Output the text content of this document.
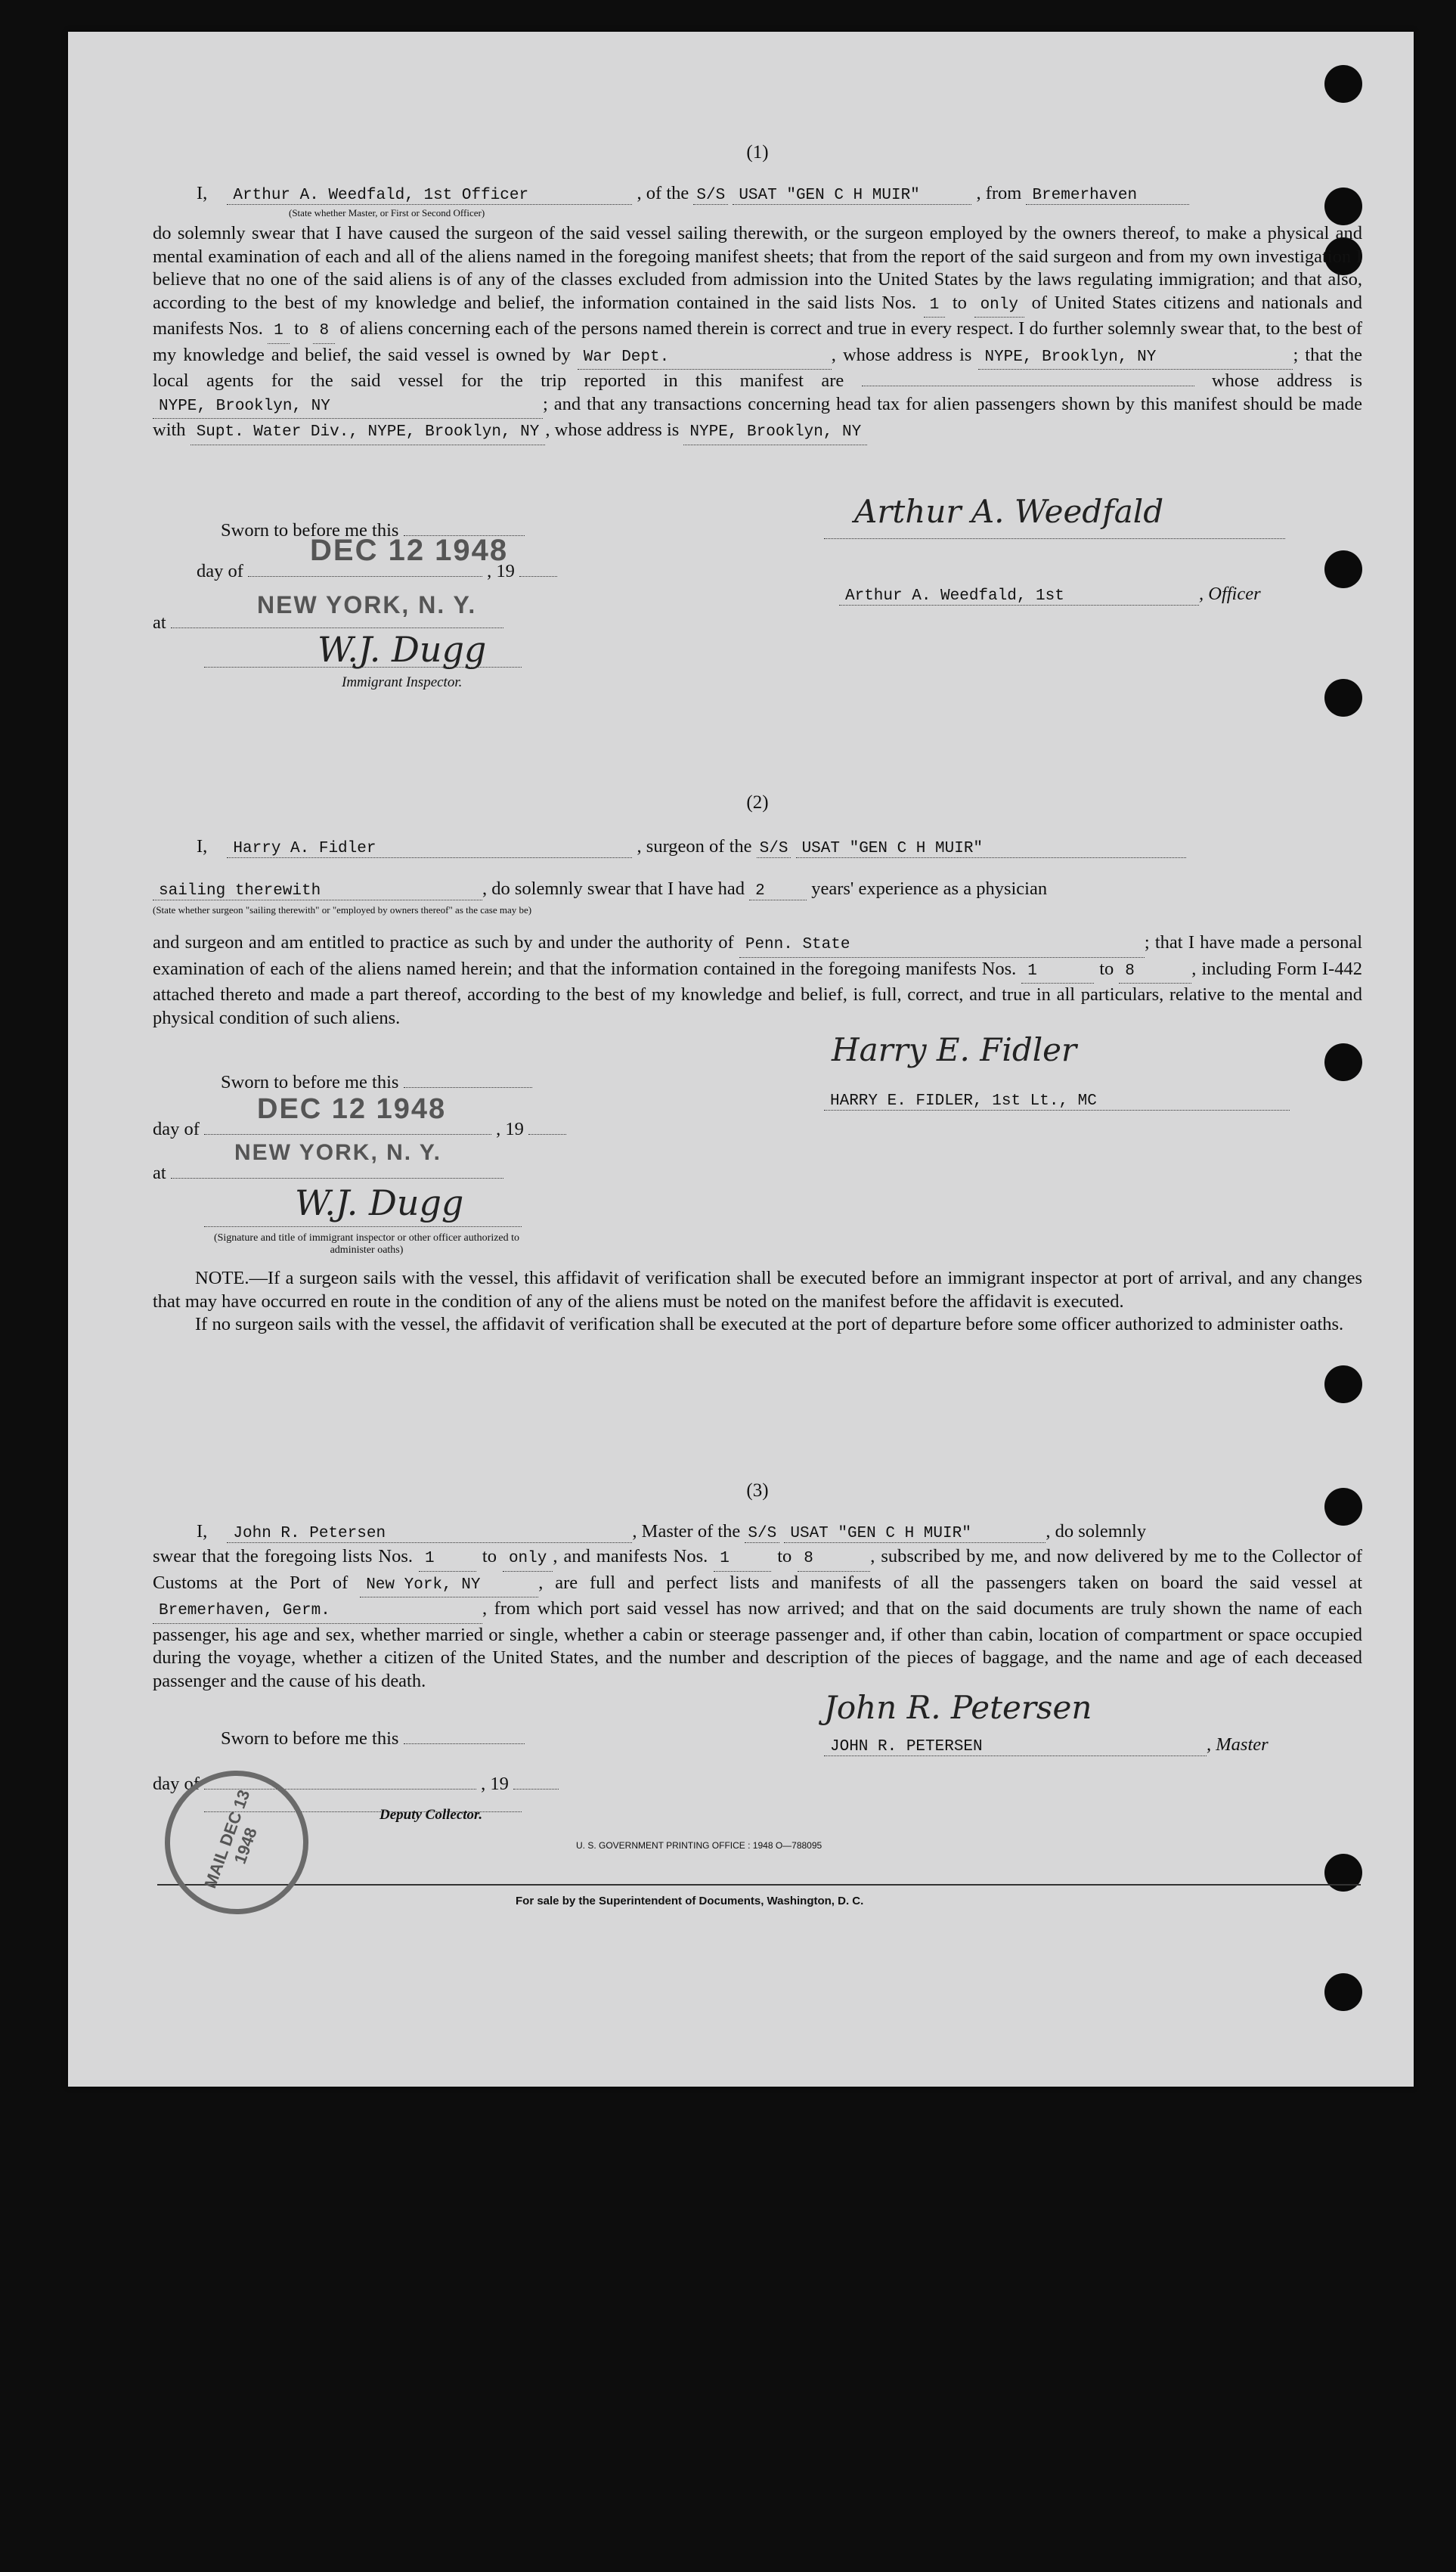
(1)
I, Arthur A. Weedfald, 1st Officer	, of the S/S USAT "GEN C H MUIR"	, from Bremerhaven
(State whether Master, or First or Second Officer)

do solemnly swear that I have caused the surgeon of the said vessel sailing therewith, or the surgeon employed by the owners thereof, to make a physical and mental examination of each and all of the aliens named in the foregoing manifest sheets; that from the report of the said surgeon and from my own investigation I believe that no one of the said aliens is of any of the classes excluded from admission into the United States by the laws regulating immigration; and that also, according to the best of my knowledge and belief, the information contained in the said lists Nos. 1 to only of United States citizens and nationals and manifests Nos. 1 to 8 of aliens concerning each of the persons named therein is correct and true in every respect. I do further solemnly swear that, to the best of my knowledge and belief, the said vessel is owned by War Dept.	, whose address is NYPE, Brooklyn, NY	; that the local agents for the said vessel for the trip reported in this manifest are	whose address is NYPE, Brooklyn, NY	; and that any transactions concerning head tax for alien passengers shown by this manifest should be made with Supt. Water Div., NYPE, Brooklyn, NY , whose address is NYPE, Brooklyn, NY

Sworn to before me this
DEC 12 1948
day of	, 19
at
NEW YORK, N. Y.
W.J. Dugg
Immigrant Inspector.
Arthur A. Weedfald
Arthur A. Weedfald, 1st	, Officer
(2)
I, Harry A. Fidler	, surgeon of the S/S USAT "GEN C H MUIR"
sailing therewith	, do solemnly swear that I have had 2	years' experience as a physician
(State whether surgeon "sailing therewith" or "employed by owners thereof" as the case may be)

and surgeon and am entitled to practice as such by and under the authority of Penn. State	; that I have made a personal examination of each of the aliens named herein; and that the information contained in the foregoing manifests Nos. 1	to 8	, including Form I-442 attached thereto and made a part thereof, according to the best of my knowledge and belief, is full, correct, and true in all particulars, relative to the mental and physical condition of such aliens.

Sworn to before me this
DEC 12 1948
day of	, 19
NEW YORK, N. Y.
at
W.J. Dugg
(Signature and title of immigrant inspector or other officer authorized to administer oaths)
Harry E. Fidler
HARRY E. FIDLER, 1st Lt., MC

NOTE.—If a surgeon sails with the vessel, this affidavit of verification shall be executed before an immigrant inspector at port of arrival, and any changes that may have occurred en route in the condition of any of the aliens must be noted on the manifest before the affidavit is executed.

If no surgeon sails with the vessel, the affidavit of verification shall be executed at the port of departure before some officer authorized to administer oaths.

(3)
I, John R. Petersen	, Master of the S/S USAT "GEN C H MUIR"	, do solemnly

swear that the foregoing lists Nos. 1	to only , and manifests Nos. 1	to 8	, subscribed by me, and now delivered by me to the Collector of Customs at the Port of New York, NY	, are full and perfect lists and manifests of all the passengers taken on board the said vessel at Bremerhaven, Germ.	, from which port said vessel has now arrived; and that on the said documents are truly shown the name of each passenger, his age and sex, whether married or single, whether a cabin or steerage passenger and, if other than cabin, location of compartment or space occupied during the voyage, whether a citizen of the United States, and the number and description of the pieces of baggage, and the name and age of each deceased passenger and the cause of his death.

Sworn to before me this
day of	, 19
Deputy Collector.
John R. Petersen
JOHN R. PETERSEN	, Master
U. S. GOVERNMENT PRINTING OFFICE : 1948 O—788095
For sale by the Superintendent of Documents, Washington, D. C.
MAIL DEC 13 1948
